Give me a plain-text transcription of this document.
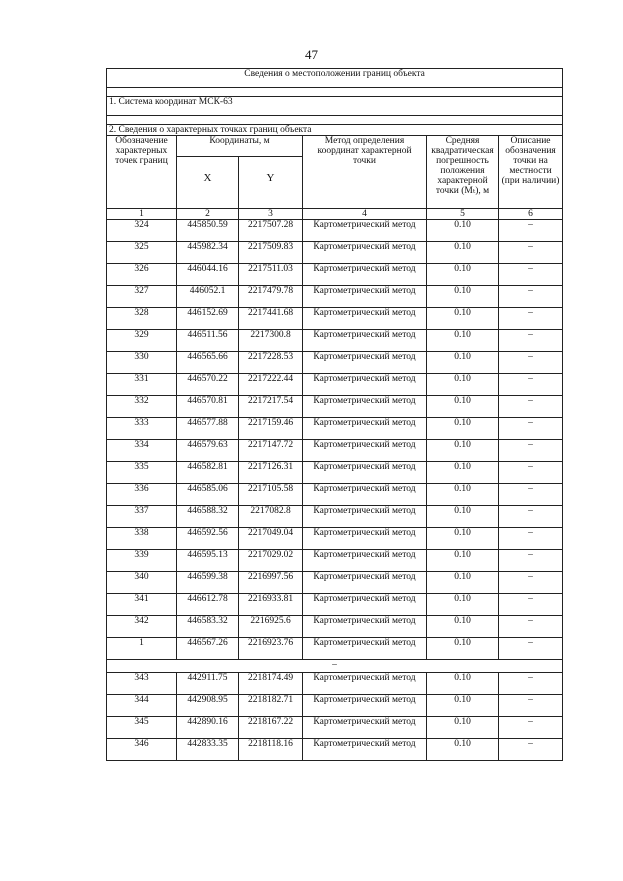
47
Сведения о местоположении границ объекта					

1. Система координат МСК-63					

2. Сведения о характерных точках границ объекта					
Обозначение характерных точек границ	Координаты, м		Метод определения координат характерной точки	Средняя квадратическая погрешность положения характерной точки (Mₜ), м	Описание обозначения точки на местности (при наличии)
	X	Y			
1	2	3	4	5	6
324	445850.59	2217507.28	Картометрический метод	0.10	–
325	445982.34	2217509.83	Картометрический метод	0.10	–
326	446044.16	2217511.03	Картометрический метод	0.10	–
327	446052.1	2217479.78	Картометрический метод	0.10	–
328	446152.69	2217441.68	Картометрический метод	0.10	–
329	446511.56	2217300.8	Картометрический метод	0.10	–
330	446565.66	2217228.53	Картометрический метод	0.10	–
331	446570.22	2217222.44	Картометрический метод	0.10	–
332	446570.81	2217217.54	Картометрический метод	0.10	–
333	446577.88	2217159.46	Картометрический метод	0.10	–
334	446579.63	2217147.72	Картометрический метод	0.10	–
335	446582.81	2217126.31	Картометрический метод	0.10	–
336	446585.06	2217105.58	Картометрический метод	0.10	–
337	446588.32	2217082.8	Картометрический метод	0.10	–
338	446592.56	2217049.04	Картометрический метод	0.10	–
339	446595.13	2217029.02	Картометрический метод	0.10	–
340	446599.38	2216997.56	Картометрический метод	0.10	–
341	446612.78	2216933.81	Картометрический метод	0.10	–
342	446583.32	2216925.6	Картометрический метод	0.10	–
1	446567.26	2216923.76	Картометрический метод	0.10	–
–					
343	442911.75	2218174.49	Картометрический метод	0.10	–
344	442908.95	2218182.71	Картометрический метод	0.10	–
345	442890.16	2218167.22	Картометрический метод	0.10	–
346	442833.35	2218118.16	Картометрический метод	0.10	–
